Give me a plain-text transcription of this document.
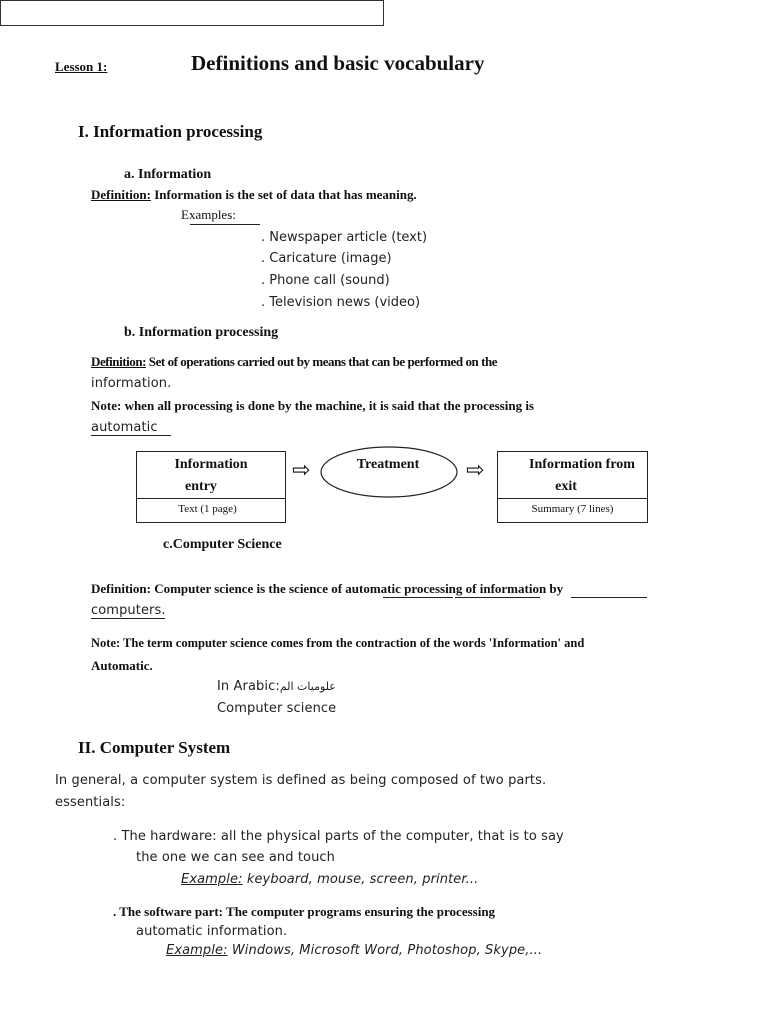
Lesson 1:	Definitions and basic vocabulary
I. Information processing
a. Information
Definition: Information is the set of data that has meaning.
Examples:
. Newspaper article (text)
. Caricature (image)
. Phone call (sound)
. Television news (video)
b. Information processing
Definition: Set of operations carried out by means that can be performed on the
information.
Note: when all processing is done by the machine, it is said that the processing is
automatic
Information
entry
Text (1 page)
⇨	Treatment	⇨	Information from
exit
Summary (7 lines)
c.Computer Science
Definition: Computer science is the science of automatic processing of information by
computers.
Note: The term computer science comes from the contraction of the words 'Information' and
Automatic.
In Arabic:علوميات الم
Computer science
II. Computer System
In general, a computer system is defined as being composed of two parts.
essentials:
. The hardware: all the physical parts of the computer, that is to say
the one we can see and touch
Example: keyboard, mouse, screen, printer...
. The software part: The computer programs ensuring the processing
automatic information.
Example: Windows, Microsoft Word, Photoshop, Skype,...
